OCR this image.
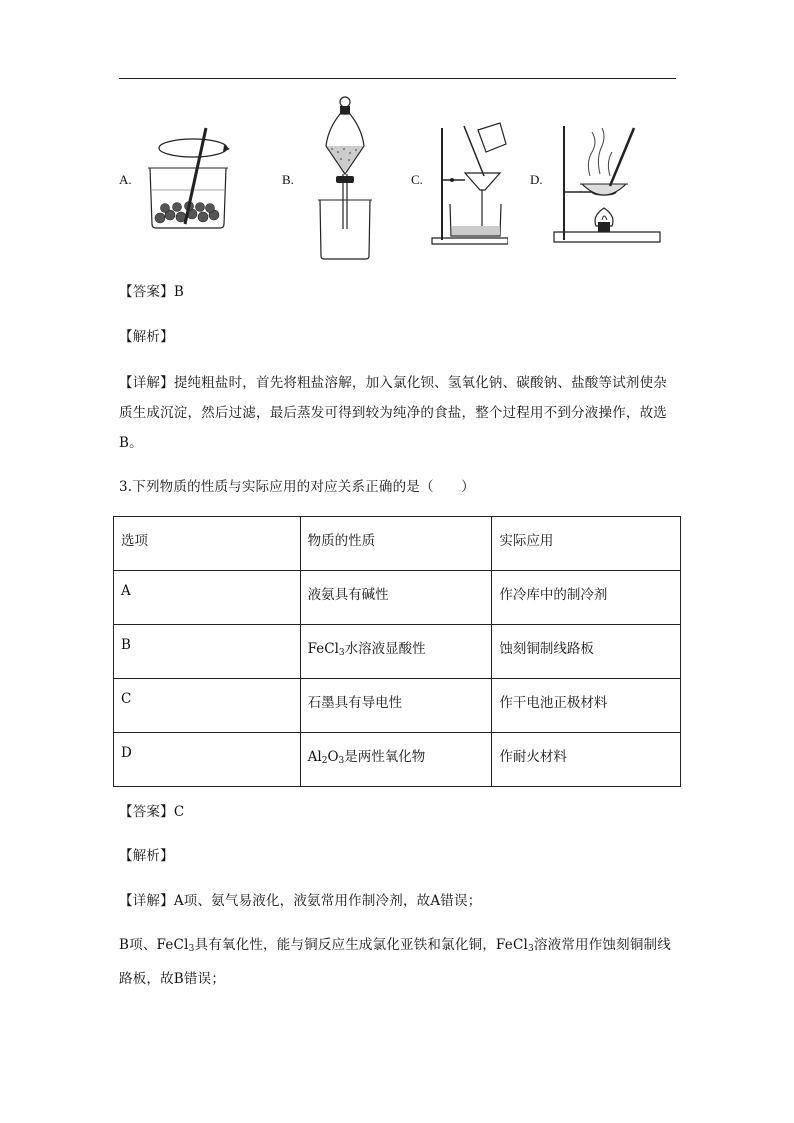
A.	B.	C.	D.
【答案】B
【解析】
【详解】提纯粗盐时，首先将粗盐溶解，加入氯化钡、氢氧化钠、碳酸钠、盐酸等试剂使杂质生成沉淀，然后过滤，最后蒸发可得到较为纯净的食盐，整个过程用不到分液操作，故选B。
3.下列物质的性质与实际应用的对应关系正确的是（　　）
选项	物质的性质	实际应用
A	液氨具有碱性	作冷库中的制冷剂
B	FeCl$_3$水溶液显酸性	蚀刻铜制线路板
C	石墨具有导电性	作干电池正极材料
D	$Al_2O_3$是两性氧化物	作耐火材料
【答案】C
【解析】
【详解】A项、氨气易液化，液氨常用作制冷剂，故A错误；
B项、FeCl$_3$具有氧化性，能与铜反应生成氯化亚铁和氯化铜，FeCl$_3$溶液常用作蚀刻铜制线
路板，故B错误；
